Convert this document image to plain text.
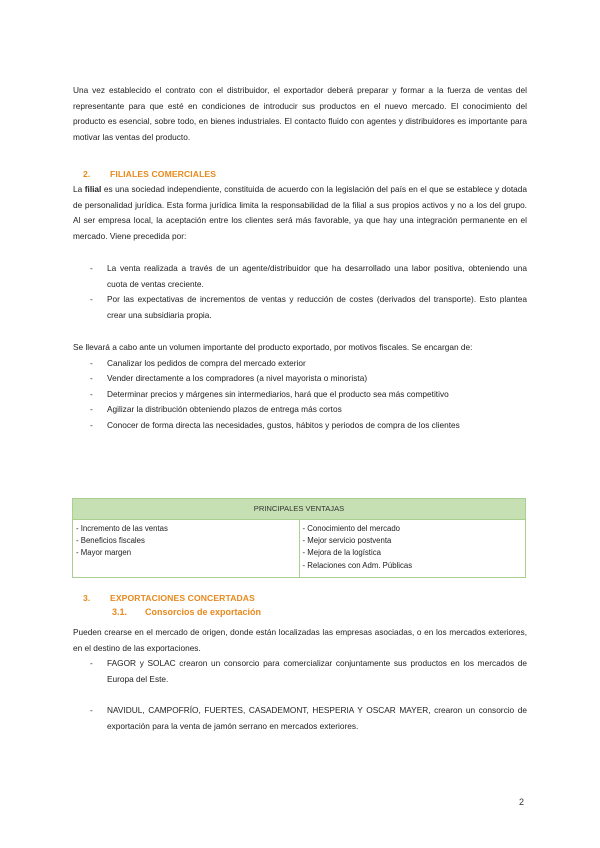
Una vez establecido el contrato con el distribuidor, el exportador deberá preparar y formar a la fuerza de ventas del representante para que esté en condiciones de introducir sus productos en el nuevo mercado. El conocimiento del producto es esencial, sobre todo, en bienes industriales. El contacto fluido con agentes y distribuidores es importante para motivar las ventas del producto.

2. FILIALES COMERCIALES

La filial es una sociedad independiente, constituida de acuerdo con la legislación del país en el que se establece y dotada de personalidad jurídica. Esta forma jurídica limita la responsabilidad de la filial a sus propios activos y no a los del grupo. Al ser empresa local, la aceptación entre los clientes será más favorable, ya que hay una integración permanente en el mercado. Viene precedida por:

- La venta realizada a través de un agente/distribuidor que ha desarrollado una labor positiva, obteniendo una cuota de ventas creciente.
- Por las expectativas de incrementos de ventas y reducción de costes (derivados del transporte). Esto plantea crear una subsidiaria propia.

Se llevará a cabo ante un volumen importante del producto exportado, por motivos fiscales. Se encargan de:

- Canalizar los pedidos de compra del mercado exterior
- Vender directamente a los compradores (a nivel mayorista o minorista)
- Determinar precios y márgenes sin intermediarios, hará que el producto sea más competitivo
- Agilizar la distribución obteniendo plazos de entrega más cortos
- Conocer de forma directa las necesidades, gustos, hábitos y periodos de compra de los clientes
PRINCIPALES VENTAJAS
- Incremento de las ventas
- Beneficios fiscales
- Mayor margen
- Conocimiento del mercado
- Mejor servicio postventa
- Mejora de la logística
- Relaciones con Adm. Públicas
3. EXPORTACIONES CONCERTADAS
3.1. Consorcios de exportación

Pueden crearse en el mercado de origen, donde están localizadas las empresas asociadas, o en los mercados exteriores, en el destino de las exportaciones.

- FAGOR y SOLAC crearon un consorcio para comercializar conjuntamente sus productos en los mercados de Europa del Este.
- NAVIDUL, CAMPOFRÍO, FUERTES, CASADEMONT, HESPERIA Y OSCAR MAYER, crearon un consorcio de exportación para la venta de jamón serrano en mercados exteriores.
2
